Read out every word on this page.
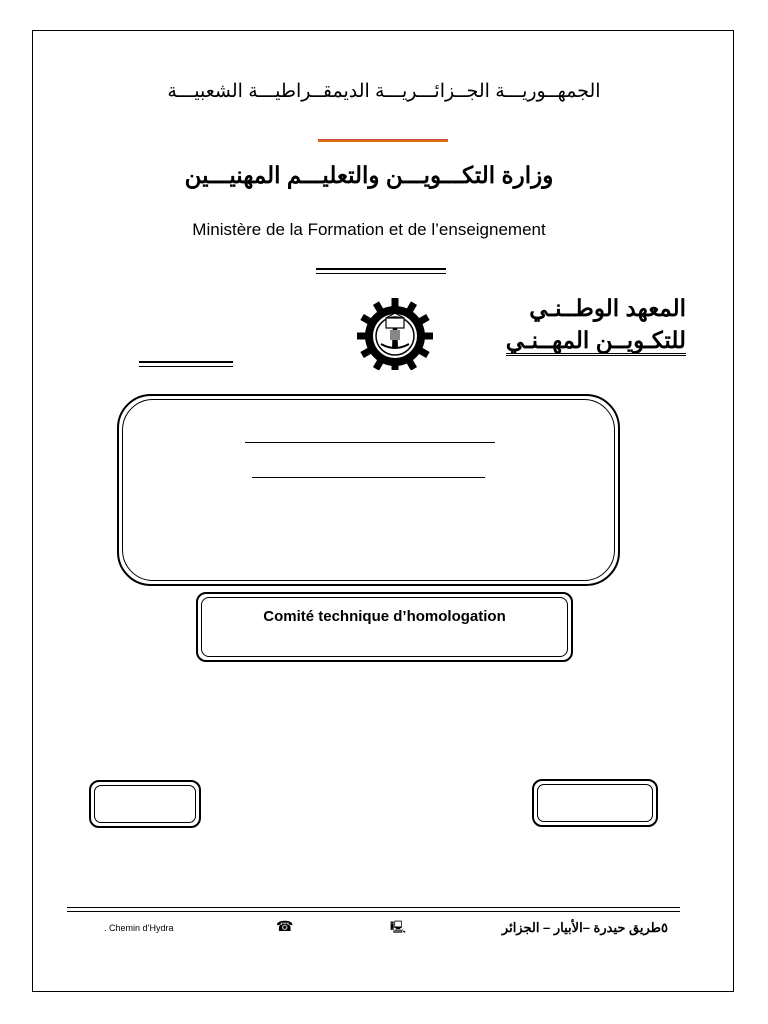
الجمهــوريـــة الجــزائـــريـــة الديمقــراطيـــة الشعبيـــة
وزارة التكـــويـــن والتعليـــم المهنيـــين
Ministère de la Formation et de l’enseignement
المعهد الوطــنـي
للتكـويــن المهــنـي
Comité technique d’homologation
. Chemin d’Hydra	☎	🖳	٥طريق حيدرة –الأبيار – الجزائر
